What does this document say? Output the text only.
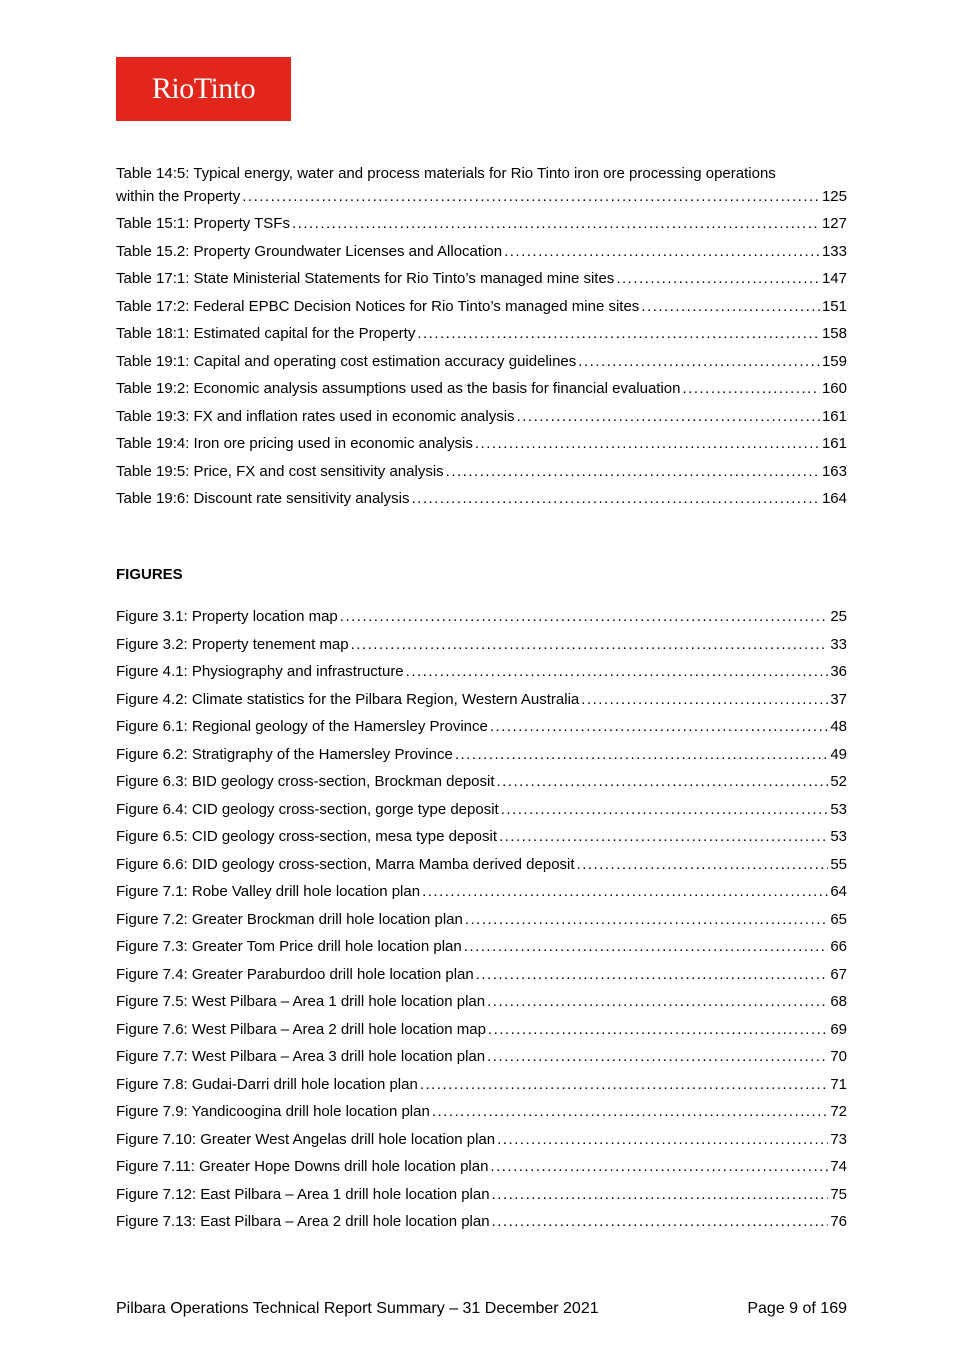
RioTinto
Table 14:5: Typical energy, water and process materials for Rio Tinto iron ore processing operations
within the Property .....	125
Table 15:1: Property TSFs .....	127
Table 15.2: Property Groundwater Licenses and Allocation .....	133
Table 17:1: State Ministerial Statements for Rio Tinto’s managed mine sites .....	147
Table 17:2: Federal EPBC Decision Notices for Rio Tinto’s managed mine sites .....	151
Table 18:1: Estimated capital for the Property .....	158
Table 19:1: Capital and operating cost estimation accuracy guidelines .....	159
Table 19:2: Economic analysis assumptions used as the basis for financial evaluation .....	160
Table 19:3: FX and inflation rates used in economic analysis .....	161
Table 19:4: Iron ore pricing used in economic analysis .....	161
Table 19:5: Price, FX and cost sensitivity analysis .....	163
Table 19:6: Discount rate sensitivity analysis .....	164
FIGURES
Figure 3.1: Property location map .....	25
Figure 3.2: Property tenement map .....	33
Figure 4.1: Physiography and infrastructure .....	36
Figure 4.2: Climate statistics for the Pilbara Region, Western Australia .....	37
Figure 6.1: Regional geology of the Hamersley Province .....	48
Figure 6.2: Stratigraphy of the Hamersley Province .....	49
Figure 6.3: BID geology cross-section, Brockman deposit .....	52
Figure 6.4: CID geology cross-section, gorge type deposit .....	53
Figure 6.5: CID geology cross-section, mesa type deposit .....	53
Figure 6.6: DID geology cross-section, Marra Mamba derived deposit .....	55
Figure 7.1: Robe Valley drill hole location plan .....	64
Figure 7.2: Greater Brockman drill hole location plan .....	65
Figure 7.3: Greater Tom Price drill hole location plan .....	66
Figure 7.4: Greater Paraburdoo drill hole location plan .....	67
Figure 7.5: West Pilbara – Area 1 drill hole location plan .....	68
Figure 7.6: West Pilbara – Area 2 drill hole location map .....	69
Figure 7.7: West Pilbara – Area 3 drill hole location plan .....	70
Figure 7.8: Gudai-Darri drill hole location plan .....	71
Figure 7.9: Yandicoogina drill hole location plan .....	72
Figure 7.10: Greater West Angelas drill hole location plan .....	73
Figure 7.11: Greater Hope Downs drill hole location plan .....	74
Figure 7.12: East Pilbara – Area 1 drill hole location plan .....	75
Figure 7.13: East Pilbara – Area 2 drill hole location plan .....	76
Pilbara Operations Technical Report Summary – 31 December 2021	Page 9 of 169
